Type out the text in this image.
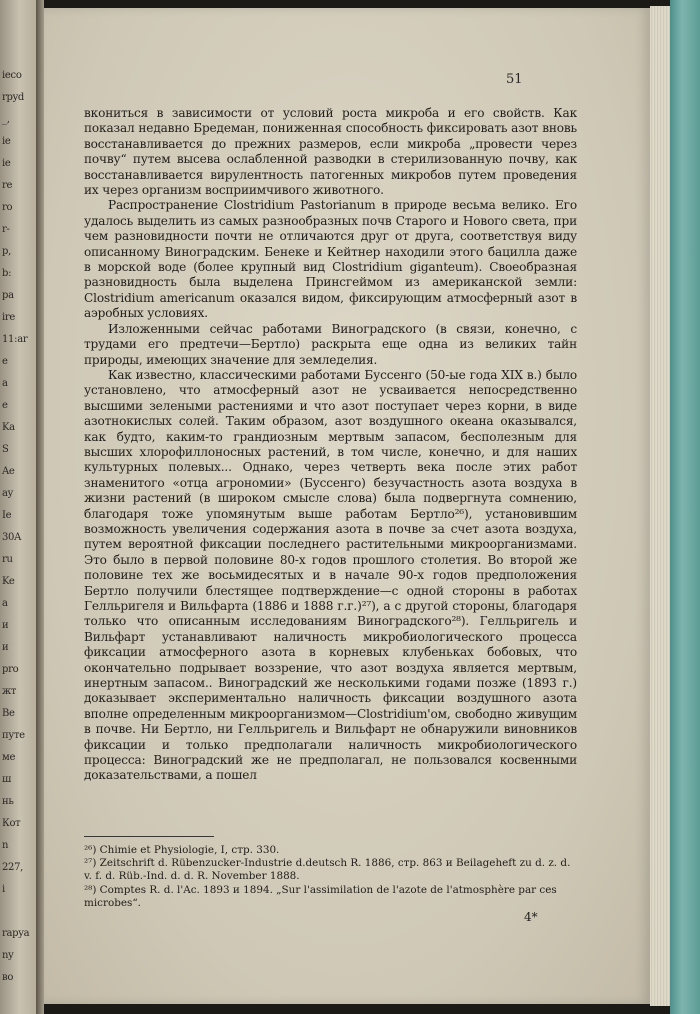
ieco
rpyd
_,
ie
ie
re
ro
r-
p,
b:
pa
ire
11:ar
e
a
e
Ka
S
Ae
ay
Ie
30A
ru
Ke
a
и
и
pro
жт
Be
путе
ме
ш
нь
Кот
n
227,
i
rapya
ny
во
51

вкониться в зависимости от условий роста микроба и его свойств. Как показал недавно Бредеман, пониженная способность фиксировать азот вновь восстанавливается до прежних размеров, если микроба „провести через почву“ путем высева ослабленной разводки в стерилизованную почву, как восстанавливается вирулентность патогенных микробов путем проведения их через организм восприимчивого животного.

Распространение Clostridium Pastorianum в природе весьма велико. Его удалось выделить из самых разнообразных почв Старого и Нового света, при чем разновидности почти не отличаются друг от друга, соответствуя виду описанному Виноградским. Бенеке и Кейтнер находили этого бацилла даже в морской воде (более крупный вид Clostridium giganteum). Своеобразная разновидность была выделена Принсгеймом из американской земли: Clostridium americanum оказался видом, фиксирующим атмосферный азот в аэробных условиях.

Изложенными сейчас работами Виноградского (в связи, конечно, с трудами его предтечи—Бертло) раскрыта еще одна из великих тайн природы, имеющих значение для земледелия.

Как известно, классическими работами Буссенго (50-ые года XIX в.) было установлено, что атмосферный азот не усваивается непосредственно высшими зелеными растениями и что азот поступает через корни, в виде азотнокислых солей. Таким образом, азот воздушного океана оказывался, как будто, каким-то грандиозным мертвым запасом, бесполезным для высших хлорофиллоносных растений, в том числе, конечно, и для наших культурных полевых... Однако, через четверть века после этих работ знаменитого «отца агрономии» (Буссенго) безучастность азота воздуха в жизни растений (в широком смысле слова) была подвергнута сомнению, благодаря тоже упомянутым выше работам Бертло²⁶), установившим возможность увеличения содержания азота в почве за счет азота воздуха, путем вероятной фиксации последнего растительными микроорганизмами. Это было в первой половине 80-х годов прошлого столетия. Во второй же половине тех же восьмидесятых и в начале 90-х годов предположения Бертло получили блестящее подтверждение—с одной стороны в работах Гелльригеля и Вильфарта (1886 и 1888 г.г.)²⁷), а с другой стороны, благодаря только что описанным исследованиям Виноградского²⁸). Гелльригель и Вильфарт устанавливают наличность микробиологического процесса фиксации атмосферного азота в корневых клубеньках бобовых, что окончательно подрывает воззрение, что азот воздуха является мертвым, инертным запасом.. Виноградский же несколькими годами позже (1893 г.) доказывает экспериментально наличность фиксации воздушного азота вполне определенным микроорганизмом—Clostridium'ом, свободно живущим в почве. Ни Бертло, ни Гелльригель и Вильфарт не обнаружили виновников фиксации и только предполагали наличность микробиологического процесса: Виноградский же не предполагал, не пользовался косвенными доказательствами, а пошел

²⁶) Chimie et Physiologie, I, стр. 330.

²⁷) Zeitschrift d. Rübenzucker-Industrie d.deutsch R. 1886, стр. 863 и Beilageheft zu d. z. d. v. f. d. Rüb.-Ind. d. d. R. November 1888.

²⁸) Comptes R. d. l'Ac. 1893 и 1894. „Sur l'assimilation de l'azote de l'atmosphère par ces microbes“.

4*
